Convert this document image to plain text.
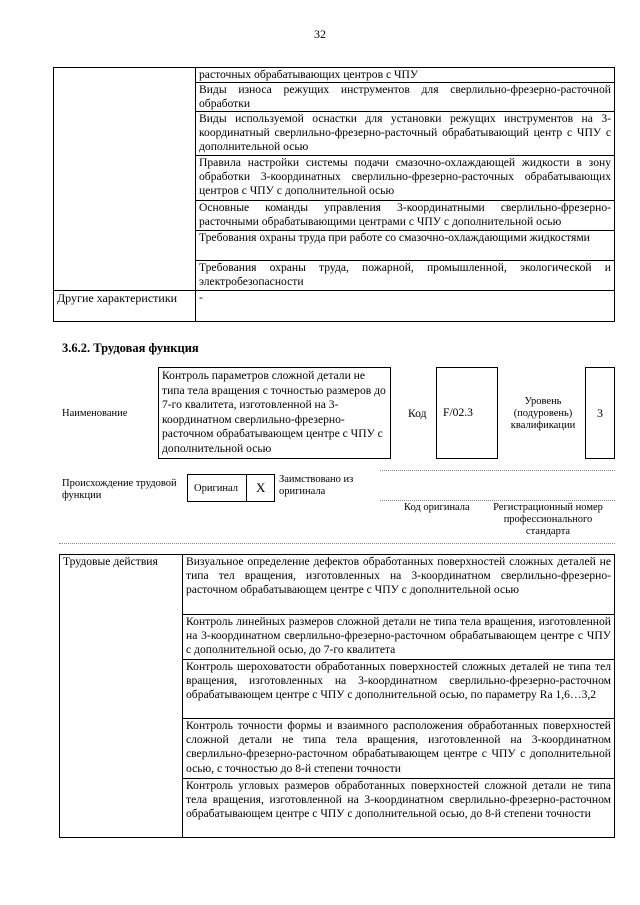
32
	расточных обрабатывающих центров с ЧПУ
	Виды износа режущих инструментов для сверлильно-фрезерно-расточной обработки
	Виды используемой оснастки для установки режущих инструментов на 3-координатный сверлильно-фрезерно-расточный обрабатывающий центр с ЧПУ с дополнительной осью
	Правила настройки системы подачи смазочно-охлаждающей жидкости в зону обработки 3-координатных сверлильно-фрезерно-расточных обрабатывающих центров с ЧПУ с дополнительной осью
	Основные команды управления 3-координатными сверлильно-фрезерно-расточными обрабатывающими центрами с ЧПУ с дополнительной осью
	Требования охраны труда при работе со смазочно-охлаждающими жидкостями
	Требования охраны труда, пожарной, промышленной, экологической и электробезопасности
Другие характеристики	-
3.6.2. Трудовая функция
Наименование
Контроль параметров сложной детали не типа тела вращения с точностью размеров до 7-го квалитета, изготовленной на 3-координатном сверлильно-фрезерно-расточном обрабатывающем центре с ЧПУ с дополнительной осью
Код	F/02.3
Уровень (подуровень) квалификации
3
Происхождение трудовой функции
Оригинал X
Заимствовано из оригинала
Код оригинала	Регистрационный номер профессионального стандарта
Трудовые действия	Визуальное определение дефектов обработанных поверхностей сложных деталей не типа тел вращения, изготовленных на 3-координатном сверлильно-фрезерно-расточном обрабатывающем центре с ЧПУ с дополнительной осью
Контроль линейных размеров сложной детали не типа тела вращения, изготовленной на 3-координатном сверлильно-фрезерно-расточном обрабатывающем центре с ЧПУ с дополнительной осью, до 7-го квалитета
Контроль шероховатости обработанных поверхностей сложных деталей не типа тел вращения, изготовленных на 3-координатном сверлильно-фрезерно-расточном обрабатывающем центре с ЧПУ с дополнительной осью, по параметру Ra 1,6…3,2
Контроль точности формы и взаимного расположения обработанных поверхностей сложной детали не типа тела вращения, изготовленной на 3-координатном сверлильно-фрезерно-расточном обрабатывающем центре с ЧПУ с дополнительной осью, с точностью до 8-й степени точности
Контроль угловых размеров обработанных поверхностей сложной детали не типа тела вращения, изготовленной на 3-координатном сверлильно-фрезерно-расточном обрабатывающем центре с ЧПУ с дополнительной осью, до 8-й степени точности
